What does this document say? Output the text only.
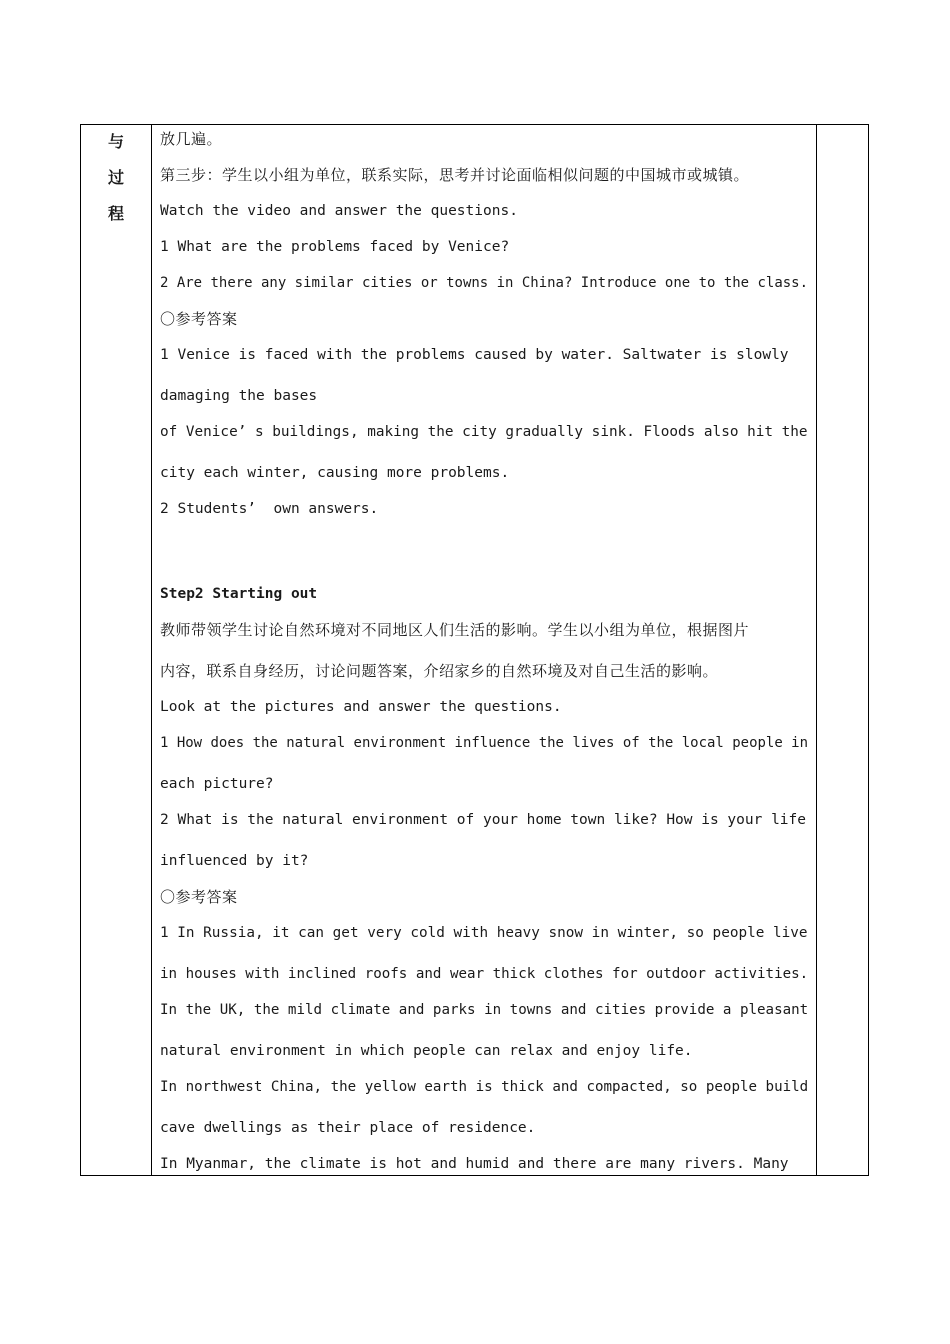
与
过
程
放几遍。
第三步：学生以小组为单位，联系实际，思考并讨论面临相似问题的中国城市或城镇。
Watch the video and answer the questions.
1 What are the problems faced by Venice?
2 Are there any similar cities or towns in China? Introduce one to the class.
〇参考答案
1 Venice is faced with the problems caused by water. Saltwater is slowly
damaging the bases
of Venice’ s buildings, making the city gradually sink. Floods also hit the
city each winter, causing more problems.
2 Students’  own answers.
Step2 Starting out
教师带领学生讨论自然环境对不同地区人们生活的影响。学生以小组为单位，根据图片
内容，联系自身经历，讨论问题答案，介绍家乡的自然环境及对自己生活的影响。
Look at the pictures and answer the questions.
1 How does the natural environment influence the lives of the local people in
each picture?
2 What is the natural environment of your home town like? How is your life
influenced by it?
〇参考答案
1 In Russia, it can get very cold with heavy snow in winter, so people live
in houses with inclined roofs and wear thick clothes for outdoor activities.
In the UK, the mild climate and parks in towns and cities provide a pleasant
natural environment in which people can relax and enjoy life.
In northwest China, the yellow earth is thick and compacted, so people build
cave dwellings as their place of residence.
In Myanmar, the climate is hot and humid and there are many rivers. Many
